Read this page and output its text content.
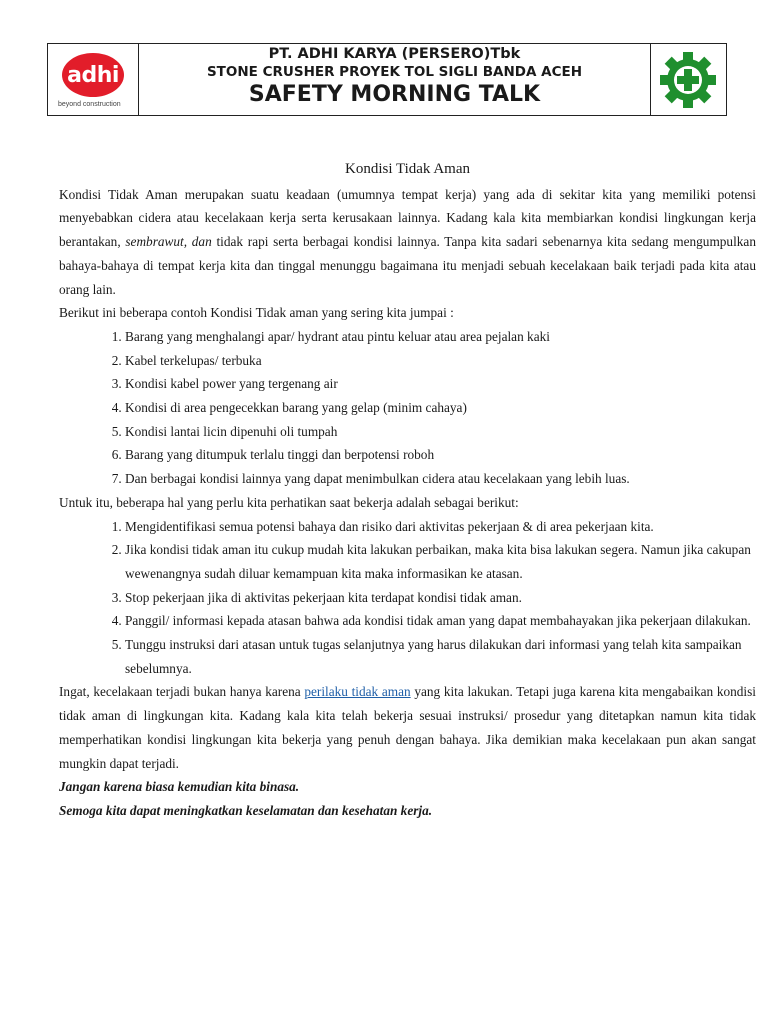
adhi
beyond construction
PT. ADHI KARYA (PERSERO)Tbk
STONE CRUSHER PROYEK TOL SIGLI BANDA ACEH
SAFETY MORNING TALK
Kondisi Tidak Aman

Kondisi Tidak Aman merupakan suatu keadaan (umumnya tempat kerja) yang ada di sekitar kita yang memiliki potensi menyebabkan cidera atau kecelakaan kerja serta kerusakaan lainnya. Kadang kala kita membiarkan kondisi lingkungan kerja berantakan, sembrawut, dan tidak rapi serta berbagai kondisi lainnya. Tanpa kita sadari sebenarnya kita sedang mengumpulkan bahaya-bahaya di tempat kerja kita dan tinggal menunggu bagaimana itu menjadi sebuah kecelakaan baik terjadi pada kita atau orang lain.

Berikut ini beberapa contoh Kondisi Tidak aman yang sering kita jumpai :

1. Barang yang menghalangi apar/ hydrant atau pintu keluar atau area pejalan kaki
2. Kabel terkelupas/ terbuka
3. Kondisi kabel power yang tergenang air
4. Kondisi di area pengecekkan barang yang gelap (minim cahaya)
5. Kondisi lantai licin dipenuhi oli tumpah
6. Barang yang ditumpuk terlalu tinggi dan berpotensi roboh
7. Dan berbagai kondisi lainnya yang dapat menimbulkan cidera atau kecelakaan yang lebih luas.

Untuk itu, beberapa hal yang perlu kita perhatikan saat bekerja adalah sebagai berikut:

1. Mengidentifikasi semua potensi bahaya dan risiko dari aktivitas pekerjaan & di area pekerjaan kita.
2. Jika kondisi tidak aman itu cukup mudah kita lakukan perbaikan, maka kita bisa lakukan segera. Namun jika cakupan wewenangnya sudah diluar kemampuan kita maka informasikan ke atasan.
3. Stop pekerjaan jika di aktivitas pekerjaan kita terdapat kondisi tidak aman.
4. Panggil/ informasi kepada atasan bahwa ada kondisi tidak aman yang dapat membahayakan jika pekerjaan dilakukan.
5. Tunggu instruksi dari atasan untuk tugas selanjutnya yang harus dilakukan dari informasi yang telah kita sampaikan sebelumnya.

Ingat, kecelakaan terjadi bukan hanya karena perilaku tidak aman yang kita lakukan. Tetapi juga karena kita mengabaikan kondisi tidak aman di lingkungan kita. Kadang kala kita telah bekerja sesuai instruksi/ prosedur yang ditetapkan namun kita tidak memperhatikan kondisi lingkungan kita bekerja yang penuh dengan bahaya. Jika demikian maka kecelakaan pun akan sangat mungkin dapat terjadi.

Jangan karena biasa kemudian kita binasa.

Semoga kita dapat meningkatkan keselamatan dan kesehatan kerja.
